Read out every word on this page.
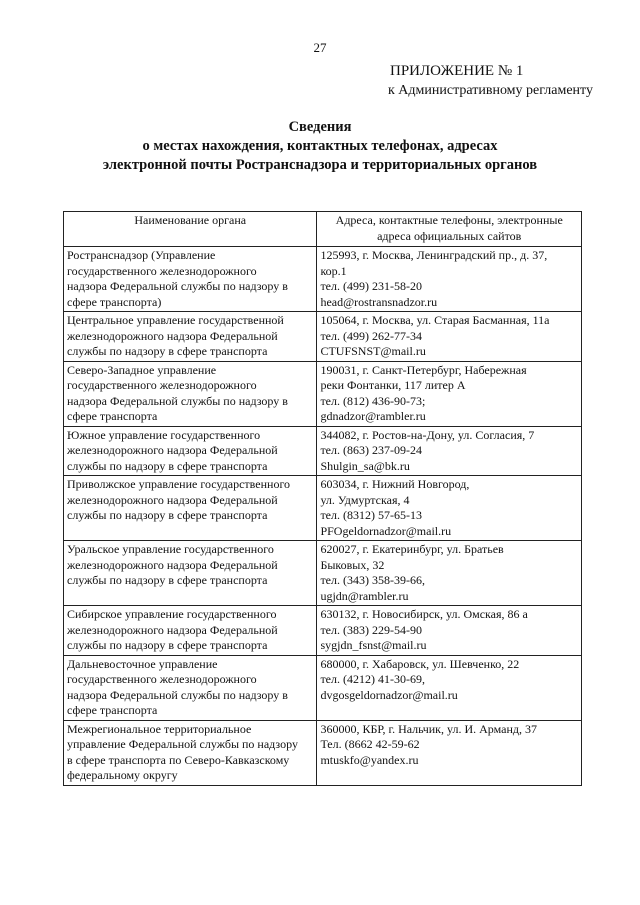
27
ПРИЛОЖЕНИЕ № 1
к Административному регламенту
Сведения
о местах нахождения, контактных телефонах, адресах
электронной почты Ространснадзора и территориальных органов
Наименование органа	Адреса, контактные телефоны, электронные
адреса официальных сайтов

Ространснадзор (Управление
государственного железнодорожного
надзора Федеральной службы по надзору в
сфере транспорта)	125993, г. Москва, Ленинградский пр., д. 37,
кор.1
тел. (499) 231-58-20
head@rostransnadzor.ru

Центральное управление государственной
железнодорожного надзора Федеральной
службы по надзору в сфере транспорта	105064, г. Москва, ул. Старая Басманная, 11а
тел. (499) 262-77-34
CTUFSNST@mail.ru

Северо-Западное управление
государственного железнодорожного
надзора Федеральной службы по надзору в
сфере транспорта	190031, г. Санкт-Петербург, Набережная
реки Фонтанки, 117 литер А
тел. (812) 436-90-73;
gdnadzor@rambler.ru

Южное управление государственного
железнодорожного надзора Федеральной
службы по надзору в сфере транспорта	344082, г. Ростов-на-Дону, ул. Согласия, 7
тел. (863) 237-09-24
Shulgin_sa@bk.ru

Приволжское управление государственного
железнодорожного надзора Федеральной
службы по надзору в сфере транспорта	603034, г. Нижний Новгород,
ул. Удмуртская, 4
тел. (8312) 57-65-13
PFOgeldornadzor@mail.ru

Уральское управление государственного
железнодорожного надзора Федеральной
службы по надзору в сфере транспорта	620027, г. Екатеринбург, ул. Братьев
Быковых, 32
тел. (343) 358-39-66,
ugjdn@rambler.ru

Сибирское управление государственного
железнодорожного надзора Федеральной
службы по надзору в сфере транспорта	630132, г. Новосибирск, ул. Омская, 86 а
тел. (383) 229-54-90
sygjdn_fsnst@mail.ru

Дальневосточное управление
государственного железнодорожного
надзора Федеральной службы по надзору в
сфере транспорта	680000, г. Хабаровск, ул. Шевченко, 22
тел. (4212) 41-30-69,
dvgosgeldornadzor@mail.ru

Межрегиональное территориальное
управление Федеральной службы по надзору
в сфере транспорта по Северо-Кавказскому
федеральному округу	360000, КБР, г. Нальчик, ул. И. Арманд, 37
Тел. (8662 42-59-62
mtuskfo@yandex.ru
